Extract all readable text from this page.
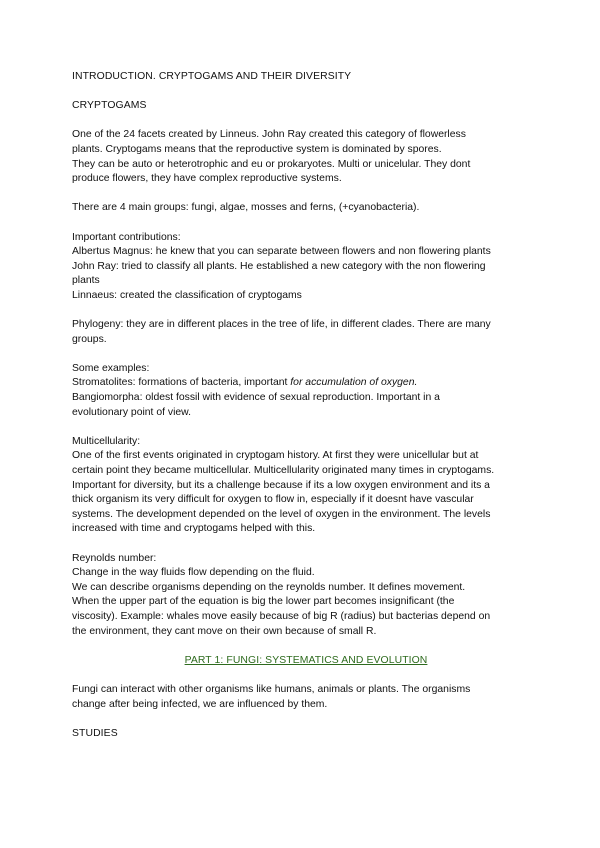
INTRODUCTION. CRYPTOGAMS AND THEIR DIVERSITY

CRYPTOGAMS

One of the 24 facets created by Linneus. John Ray created this category of flowerless
plants. Cryptogams means that the reproductive system is dominated by spores.
They can be auto or heterotrophic and eu or prokaryotes. Multi or unicelular. They dont
produce flowers, they have complex reproductive systems.

There are 4 main groups: fungi, algae, mosses and ferns, (+cyanobacteria).

Important contributions:
Albertus Magnus: he knew that you can separate between flowers and non flowering plants
John Ray: tried to classify all plants. He established a new category with the non flowering
plants
Linnaeus: created the classification of cryptogams

Phylogeny: they are in different places in the tree of life, in different clades. There are many
groups.

Some examples:
Stromatolites: formations of bacteria, important for accumulation of oxygen.
Bangiomorpha: oldest fossil with evidence of sexual reproduction. Important in a
evolutionary point of view.

Multicellularity:
One of the first events originated in cryptogam history. At first they were unicellular but at
certain point they became multicellular. Multicellularity originated many times in cryptogams.
Important for diversity, but its a challenge because if its a low oxygen environment and its a
thick organism its very difficult for oxygen to flow in, especially if it doesnt have vascular
systems. The development depended on the level of oxygen in the environment. The levels
increased with time and cryptogams helped with this.

Reynolds number:
Change in the way fluids flow depending on the fluid.
We can describe organisms depending on the reynolds number. It defines movement.
When the upper part of the equation is big the lower part becomes insignificant (the
viscosity). Example: whales move easily because of big R (radius) but bacterias depend on
the environment, they cant move on their own because of small R.

PART 1: FUNGI: SYSTEMATICS AND EVOLUTION

Fungi can interact with other organisms like humans, animals or plants. The organisms
change after being infected, we are influenced by them.

STUDIES
